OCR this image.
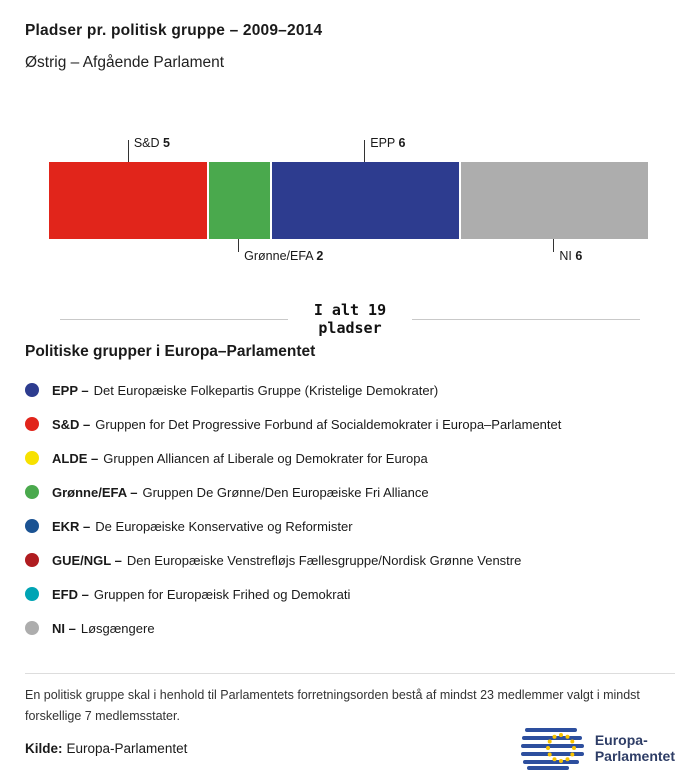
Pladser pr. politisk gruppe – 2009–2014
Østrig – Afgående Parlament
S&D 5	EPP 6
Grønne/EFA 2	NI 6
I alt 19
pladser
Politiske grupper i Europa–Parlamentet
EPP – Det Europæiske Folkepartis Gruppe (Kristelige Demokrater)
S&D – Gruppen for Det Progressive Forbund af Socialdemokrater i Europa–Parlamentet
ALDE – Gruppen Alliancen af Liberale og Demokrater for Europa
Grønne/EFA – Gruppen De Grønne/Den Europæiske Fri Alliance
EKR – De Europæiske Konservative og Reformister
GUE/NGL – Den Europæiske Venstrefløjs Fællesgruppe/Nordisk Grønne Venstre
EFD – Gruppen for Europæisk Frihed og Demokrati
NI – Løsgængere

En politisk gruppe skal i henhold til Parlamentets forretningsorden bestå af mindst 23 medlemmer valgt i mindst forskellige 7 medlemsstater.

Kilde: Europa-Parlamentet
Europa-
Parlamentet
